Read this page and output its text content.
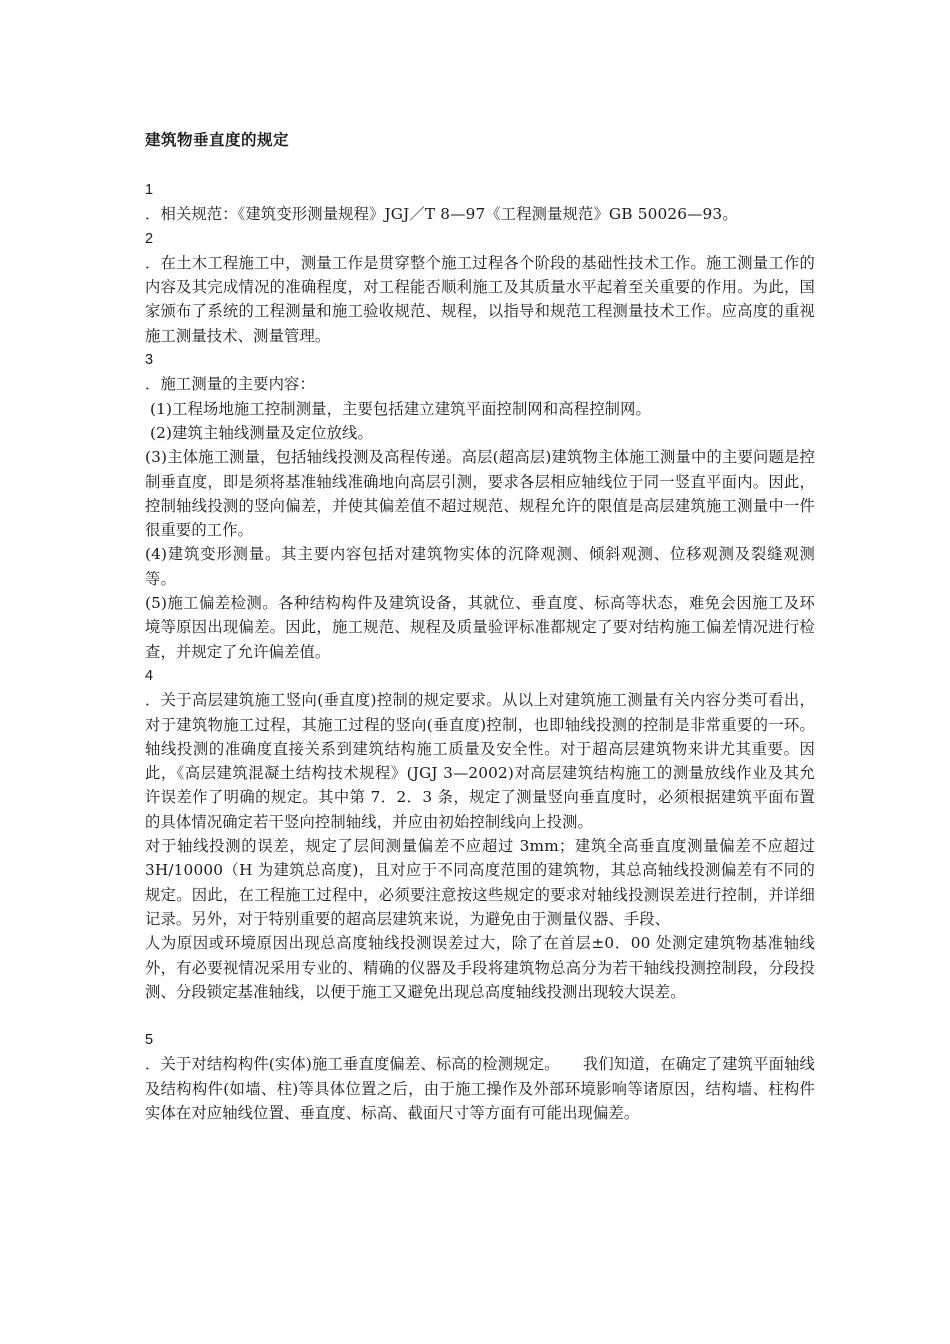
建筑物垂直度的规定

1

．相关规范：《建筑变形测量规程》JGJ／T 8—97《工程测量规范》GB 50026—93。

2

．在土木工程施工中，测量工作是贯穿整个施工过程各个阶段的基础性技术工作。施工测量工作的内容及其完成情况的准确程度，对工程能否顺利施工及其质量水平起着至关重要的作用。为此，国家颁布了系统的工程测量和施工验收规范、规程，以指导和规范工程测量技术工作。应高度的重视施工测量技术、测量管理。

3

．施工测量的主要内容：

(1)工程场地施工控制测量，主要包括建立建筑平面控制网和高程控制网。

(2)建筑主轴线测量及定位放线。

(3)主体施工测量，包括轴线投测及高程传递。高层(超高层)建筑物主体施工测量中的主要问题是控制垂直度，即是须将基准轴线准确地向高层引测，要求各层相应轴线位于同一竖直平面内。因此，控制轴线投测的竖向偏差，并使其偏差值不超过规范、规程允许的限值是高层建筑施工测量中一件很重要的工作。

(4)建筑变形测量。其主要内容包括对建筑物实体的沉降观测、倾斜观测、位移观测及裂缝观测等。

(5)施工偏差检测。各种结构构件及建筑设备，其就位、垂直度、标高等状态，难免会因施工及环境等原因出现偏差。因此，施工规范、规程及质量验评标准都规定了要对结构施工偏差情况进行检查，并规定了允许偏差值。

4

．关于高层建筑施工竖向(垂直度)控制的规定要求。从以上对建筑施工测量有关内容分类可看出，对于建筑物施工过程，其施工过程的竖向(垂直度)控制，也即轴线投测的控制是非常重要的一环。轴线投测的准确度直接关系到建筑结构施工质量及安全性。对于超高层建筑物来讲尤其重要。因此，《高层建筑混凝土结构技术规程》(JGJ 3—2002)对高层建筑结构施工的测量放线作业及其允许误差作了明确的规定。其中第 7．2．3 条，规定了测量竖向垂直度时，必须根据建筑平面布置的具体情况确定若干竖向控制轴线，并应由初始控制线向上投测。

对于轴线投测的误差，规定了层间测量偏差不应超过 3mm；建筑全高垂直度测量偏差不应超过 3H/10000（H 为建筑总高度)，且对应于不同高度范围的建筑物，其总高轴线投测偏差有不同的规定。因此，在工程施工过程中，必须要注意按这些规定的要求对轴线投测误差进行控制，并详细记录。另外，对于特别重要的超高层建筑来说，为避免由于测量仪器、手段、

人为原因或环境原因出现总高度轴线投测误差过大，除了在首层±0．00 处测定建筑物基准轴线外，有必要视情况采用专业的、精确的仪器及手段将建筑物总高分为若干轴线投测控制段，分段投测、分段锁定基准轴线，以便于施工又避免出现总高度轴线投测出现较大误差。

5

．关于对结构构件(实体)施工垂直度偏差、标高的检测规定。　　我们知道，在确定了建筑平面轴线及结构构件(如墙、柱)等具体位置之后，由于施工操作及外部环境影响等诸原因，结构墙、柱构件实体在对应轴线位置、垂直度、标高、截面尺寸等方面有可能出现偏差。
